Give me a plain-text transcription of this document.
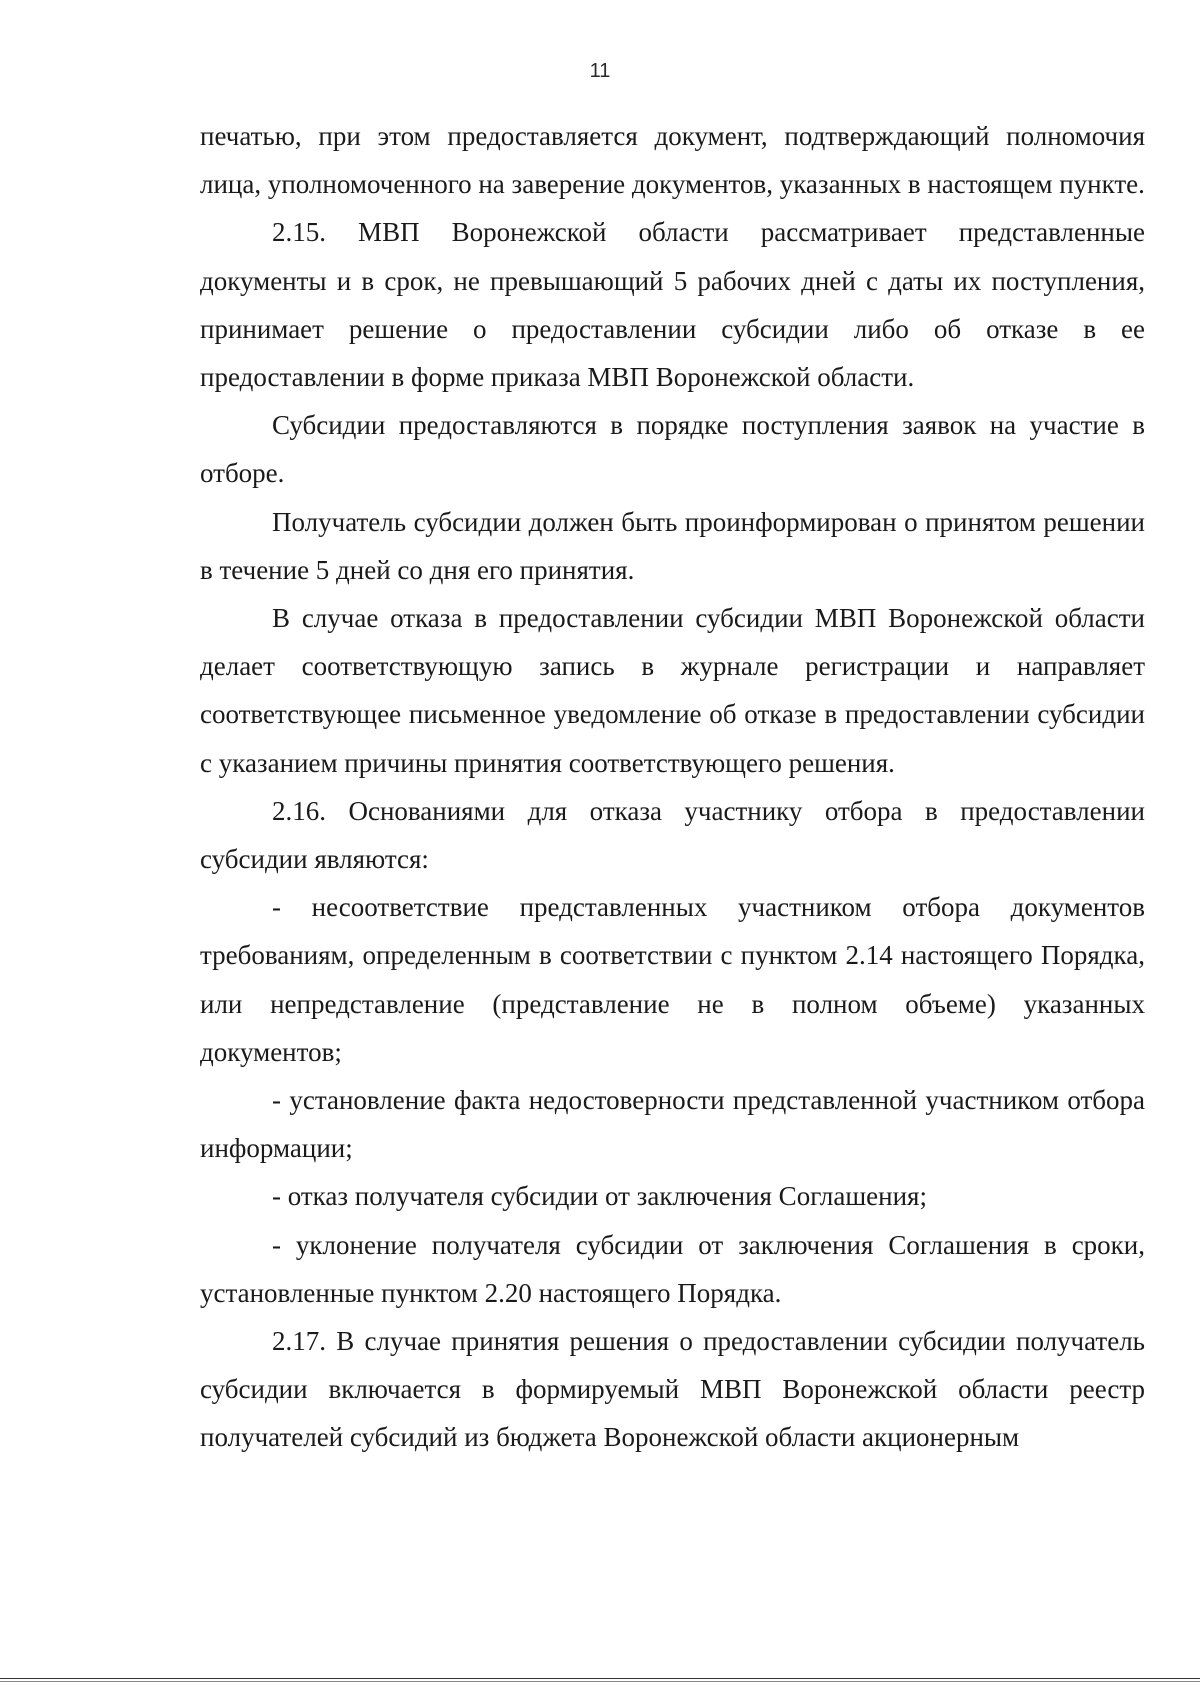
11

печатью, при этом предоставляется документ, подтверждающий полномочия лица, уполномоченного на заверение документов, указанных в настоящем пункте.

2.15. МВП Воронежской области рассматривает представленные документы и в срок, не превышающий 5 рабочих дней с даты их поступления, принимает решение о предоставлении субсидии либо об отказе в ее предоставлении в форме приказа МВП Воронежской области.

Субсидии предоставляются в порядке поступления заявок на участие в отборе.

Получатель субсидии должен быть проинформирован о принятом решении в течение 5 дней со дня его принятия.

В случае отказа в предоставлении субсидии МВП Воронежской области делает соответствующую запись в журнале регистрации и направляет соответствующее письменное уведомление об отказе в предоставлении субсидии с указанием причины принятия соответствующего решения.

2.16. Основаниями для отказа участнику отбора в предоставлении субсидии являются:

- несоответствие представленных участником отбора документов требованиям, определенным в соответствии с пунктом 2.14 настоящего Порядка, или непредставление (представление не в полном объеме) указанных документов;

- установление факта недостоверности представленной участником отбора информации;

- отказ получателя субсидии от заключения Соглашения;

- уклонение получателя субсидии от заключения Соглашения в сроки, установленные пунктом 2.20 настоящего Порядка.

2.17. В случае принятия решения о предоставлении субсидии получатель субсидии включается в формируемый МВП Воронежской области реестр получателей субсидий из бюджета Воронежской области акционерным
